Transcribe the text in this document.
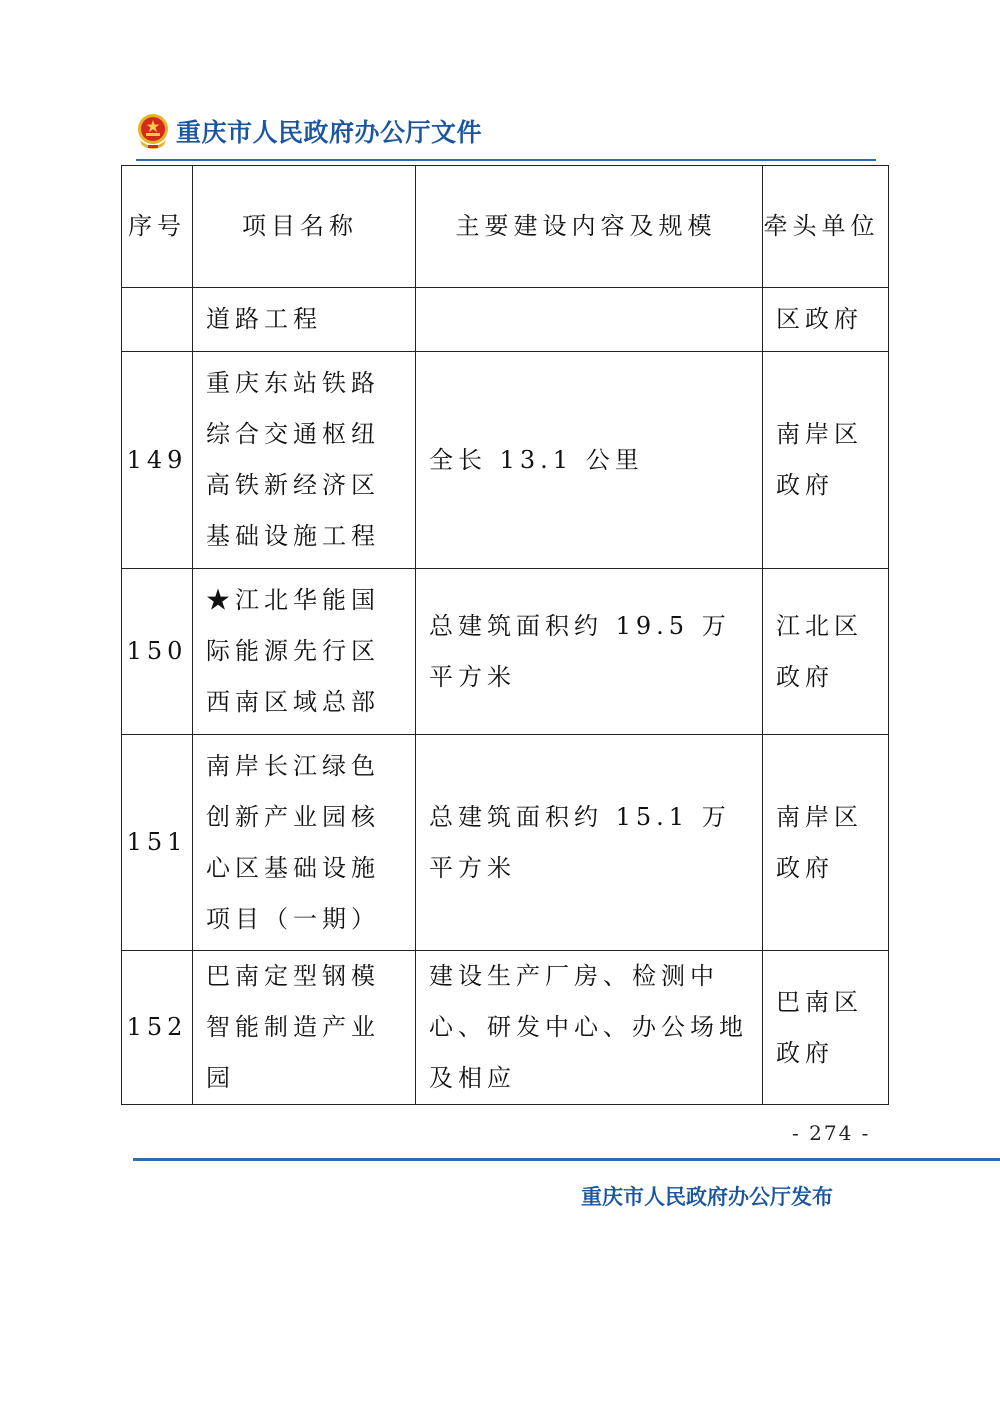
重庆市人民政府办公厅文件
序号	项目名称	主要建设内容及规模	牵头单位
	道路工程		区政府
149	重庆东站铁路综合交通枢纽高铁新经济区基础设施工程	全长 13.1 公里	南岸区政府
150	★江北华能国际能源先行区西南区域总部	总建筑面积约 19.5 万平方米	江北区政府
151	南岸长江绿色创新产业园核心区基础设施项目（一期）	总建筑面积约 15.1 万平方米	南岸区政府
152	巴南定型钢模智能制造产业园	建设生产厂房、检测中心、研发中心、办公场地及相应	巴南区政府
- 274 -
重庆市人民政府办公厅发布
